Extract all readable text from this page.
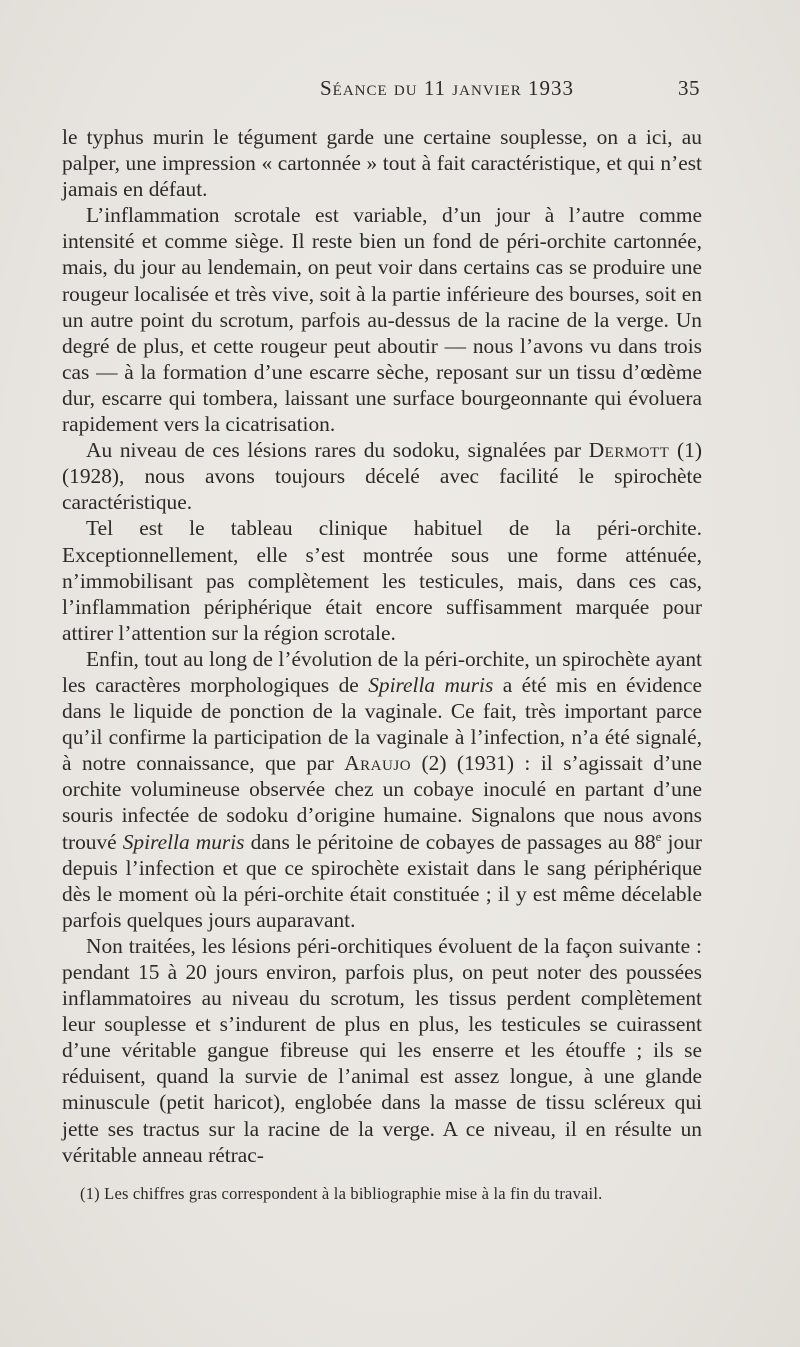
Séance du 11 janvier 1933	35

le typhus murin le tégument garde une certaine souplesse, on a ici, au palper, une impression « cartonnée » tout à fait caractéristique, et qui n’est jamais en défaut.

L’inflammation scrotale est variable, d’un jour à l’autre comme intensité et comme siège. Il reste bien un fond de péri-orchite cartonnée, mais, du jour au lendemain, on peut voir dans certains cas se produire une rougeur localisée et très vive, soit à la partie inférieure des bourses, soit en un autre point du scrotum, parfois au-dessus de la racine de la verge. Un degré de plus, et cette rougeur peut aboutir — nous l’avons vu dans trois cas — à la formation d’une escarre sèche, reposant sur un tissu d’œdème dur, escarre qui tombera, laissant une surface bourgeonnante qui évoluera rapidement vers la cicatrisation.

Au niveau de ces lésions rares du sodoku, signalées par Dermott (1) (1928), nous avons toujours décelé avec facilité le spirochète caractéristique.

Tel est le tableau clinique habituel de la péri-orchite. Exceptionnellement, elle s’est montrée sous une forme atténuée, n’immobilisant pas complètement les testicules, mais, dans ces cas, l’inflammation périphérique était encore suffisamment marquée pour attirer l’attention sur la région scrotale.

Enfin, tout au long de l’évolution de la péri-orchite, un spirochète ayant les caractères morphologiques de Spirella muris a été mis en évidence dans le liquide de ponction de la vaginale. Ce fait, très important parce qu’il confirme la participation de la vaginale à l’infection, n’a été signalé, à notre connaissance, que par Araujo (2) (1931) : il s’agissait d’une orchite volumineuse observée chez un cobaye inoculé en partant d’une souris infectée de sodoku d’origine humaine. Signalons que nous avons trouvé Spirella muris dans le péritoine de cobayes de passages au 88e jour depuis l’infection et que ce spirochète existait dans le sang périphérique dès le moment où la péri-orchite était constituée ; il y est même décelable parfois quelques jours auparavant.

Non traitées, les lésions péri-orchitiques évoluent de la façon suivante : pendant 15 à 20 jours environ, parfois plus, on peut noter des poussées inflammatoires au niveau du scrotum, les tissus perdent complètement leur souplesse et s’indurent de plus en plus, les testicules se cuirassent d’une véritable gangue fibreuse qui les enserre et les étouffe ; ils se réduisent, quand la survie de l’animal est assez longue, à une glande minuscule (petit haricot), englobée dans la masse de tissu scléreux qui jette ses tractus sur la racine de la verge. A ce niveau, il en résulte un véritable anneau rétrac-

(1) Les chiffres gras correspondent à la bibliographie mise à la fin du travail.
